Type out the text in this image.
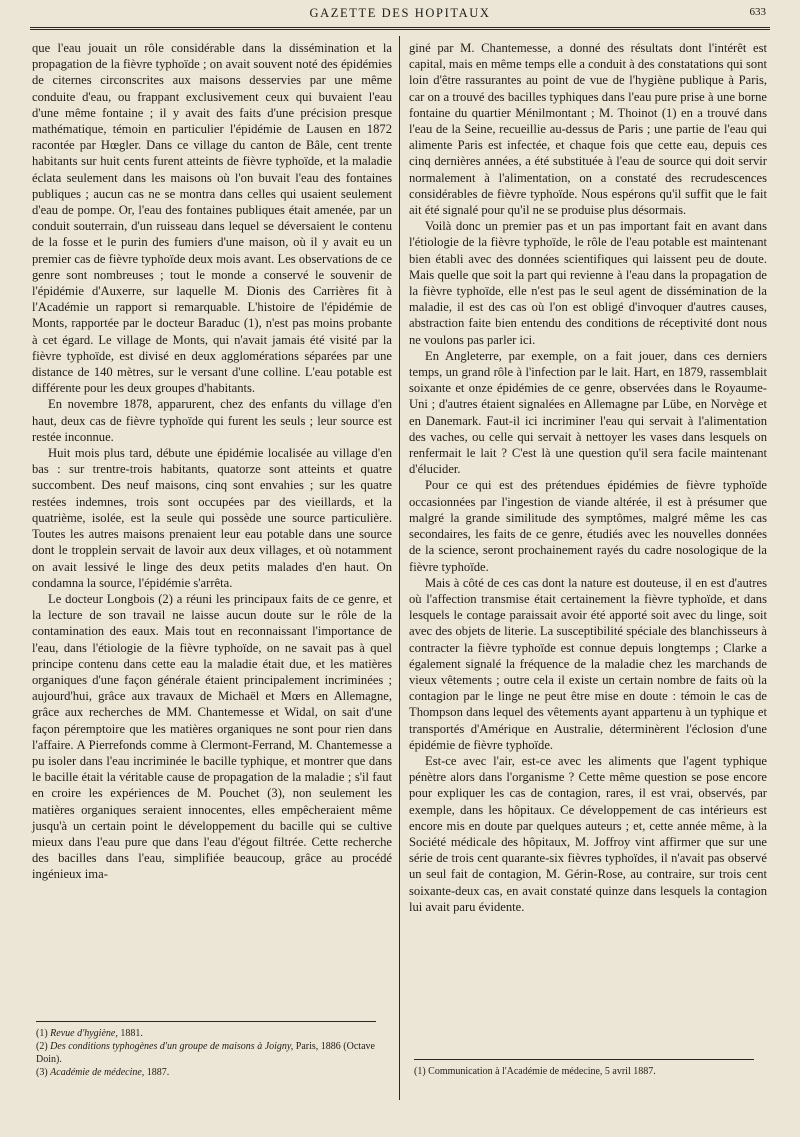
GAZETTE DES HOPITAUX	633

que l'eau jouait un rôle considérable dans la dissémination et la propagation de la fièvre typhoïde ; on avait souvent noté des épidémies de citernes circonscrites aux maisons desservies par une même conduite d'eau, ou frappant exclusivement ceux qui buvaient l'eau d'une même fontaine ; il y avait des faits d'une précision presque mathématique, témoin en particulier l'épidémie de Lausen en 1872 racontée par Hœgler. Dans ce village du canton de Bâle, cent trente habitants sur huit cents furent atteints de fièvre typhoïde, et la maladie éclata seulement dans les maisons où l'on buvait l'eau des fontaines publiques ; aucun cas ne se montra dans celles qui usaient seulement d'eau de pompe. Or, l'eau des fontaines publiques était amenée, par un conduit souterrain, d'un ruisseau dans lequel se déversaient le contenu de la fosse et le purin des fumiers d'une maison, où il y avait eu un premier cas de fièvre typhoïde deux mois avant. Les observations de ce genre sont nombreuses ; tout le monde a conservé le souvenir de l'épidémie d'Auxerre, sur laquelle M. Dionis des Carrières fit à l'Académie un rapport si remarquable. L'histoire de l'épidémie de Monts, rapportée par le docteur Baraduc (1), n'est pas moins probante à cet égard. Le village de Monts, qui n'avait jamais été visité par la fièvre typhoïde, est divisé en deux agglomérations séparées par une distance de 140 mètres, sur le versant d'une colline. L'eau potable est différente pour les deux groupes d'habitants.

En novembre 1878, apparurent, chez des enfants du village d'en haut, deux cas de fièvre typhoïde qui furent les seuls ; leur source est restée inconnue.

Huit mois plus tard, débute une épidémie localisée au village d'en bas : sur trentre-trois habitants, quatorze sont atteints et quatre succombent. Des neuf maisons, cinq sont envahies ; sur les quatre restées indemnes, trois sont occupées par des vieillards, et la quatrième, isolée, est la seule qui possède une source particulière. Toutes les autres maisons prenaient leur eau potable dans une source dont le tropplein servait de lavoir aux deux villages, et où notamment on avait lessivé le linge des deux petits malades d'en haut. On condamna la source, l'épidémie s'arrêta.

Le docteur Longbois (2) a réuni les principaux faits de ce genre, et la lecture de son travail ne laisse aucun doute sur le rôle de la contamination des eaux. Mais tout en reconnaissant l'importance de l'eau, dans l'étiologie de la fièvre typhoïde, on ne savait pas à quel principe contenu dans cette eau la maladie était due, et les matières organiques d'une façon générale étaient principalement incriminées ; aujourd'hui, grâce aux travaux de Michaël et Mœrs en Allemagne, grâce aux recherches de MM. Chantemesse et Widal, on sait d'une façon péremptoire que les matières organiques ne sont pour rien dans l'affaire. A Pierrefonds comme à Clermont-Ferrand, M. Chantemesse a pu isoler dans l'eau incriminée le bacille typhique, et montrer que dans le bacille était la véritable cause de propagation de la maladie ; s'il faut en croire les expériences de M. Pouchet (3), non seulement les matières organiques seraient innocentes, elles empêcheraient même jusqu'à un certain point le développement du bacille qui se cultive mieux dans l'eau pure que dans l'eau d'égout filtrée. Cette recherche des bacilles dans l'eau, simplifiée beaucoup, grâce au procédé ingénieux ima-

giné par M. Chantemesse, a donné des résultats dont l'intérêt est capital, mais en même temps elle a conduit à des constatations qui sont loin d'être rassurantes au point de vue de l'hygiène publique à Paris, car on a trouvé des bacilles typhiques dans l'eau pure prise à une borne fontaine du quartier Ménilmontant ; M. Thoinot (1) en a trouvé dans l'eau de la Seine, recueillie au-dessus de Paris ; une partie de l'eau qui alimente Paris est infectée, et chaque fois que cette eau, depuis ces cinq dernières années, a été substituée à l'eau de source qui doit servir normalement à l'alimentation, on a constaté des recrudescences considérables de fièvre typhoïde. Nous espérons qu'il suffit que le fait ait été signalé pour qu'il ne se produise plus désormais.

Voilà donc un premier pas et un pas important fait en avant dans l'étiologie de la fièvre typhoïde, le rôle de l'eau potable est maintenant bien établi avec des données scientifiques qui laissent peu de doute. Mais quelle que soit la part qui revienne à l'eau dans la propagation de la fièvre typhoïde, elle n'est pas le seul agent de dissémination de la maladie, il est des cas où l'on est obligé d'invoquer d'autres causes, abstraction faite bien entendu des conditions de réceptivité dont nous ne voulons pas parler ici.

En Angleterre, par exemple, on a fait jouer, dans ces derniers temps, un grand rôle à l'infection par le lait. Hart, en 1879, rassemblait soixante et onze épidémies de ce genre, observées dans le Royaume-Uni ; d'autres étaient signalées en Allemagne par Lübe, en Norvège et en Danemark. Faut-il ici incriminer l'eau qui servait à l'alimentation des vaches, ou celle qui servait à nettoyer les vases dans lesquels on renfermait le lait ? C'est là une question qu'il sera facile maintenant d'élucider.

Pour ce qui est des prétendues épidémies de fièvre typhoïde occasionnées par l'ingestion de viande altérée, il est à présumer que malgré la grande similitude des symptômes, malgré même les cas secondaires, les faits de ce genre, étudiés avec les nouvelles données de la science, seront prochainement rayés du cadre nosologique de la fièvre typhoïde.

Mais à côté de ces cas dont la nature est douteuse, il en est d'autres où l'affection transmise était certainement la fièvre typhoïde, et dans lesquels le contage paraissait avoir été apporté soit avec du linge, soit avec des objets de literie. La susceptibilité spéciale des blanchisseurs à contracter la fièvre typhoïde est connue depuis longtemps ; Clarke a également signalé la fréquence de la maladie chez les marchands de vieux vêtements ; outre cela il existe un certain nombre de faits où la contagion par le linge ne peut être mise en doute : témoin le cas de Thompson dans lequel des vêtements ayant appartenu à un typhique et transportés d'Amérique en Australie, déterminèrent l'éclosion d'une épidémie de fièvre typhoïde.

Est-ce avec l'air, est-ce avec les aliments que l'agent typhique pénètre alors dans l'organisme ? Cette même question se pose encore pour expliquer les cas de contagion, rares, il est vrai, observés, par exemple, dans les hôpitaux. Ce développement de cas intérieurs est encore mis en doute par quelques auteurs ; et, cette année même, à la Société médicale des hôpitaux, M. Joffroy vint affirmer que sur une série de trois cent quarante-six fièvres typhoïdes, il n'avait pas observé un seul fait de contagion, M. Gérin-Rose, au contraire, sur trois cent soixante-deux cas, en avait constaté quinze dans lesquels la contagion lui avait paru évidente.

(1) Revue d'hygiène, 1881.

(2) Des conditions typhogènes d'un groupe de maisons à Joigny, Paris, 1886 (Octave Doin).

(3) Académie de médecine, 1887.	(1) Communication à l'Académie de médecine, 5 avril 1887.
